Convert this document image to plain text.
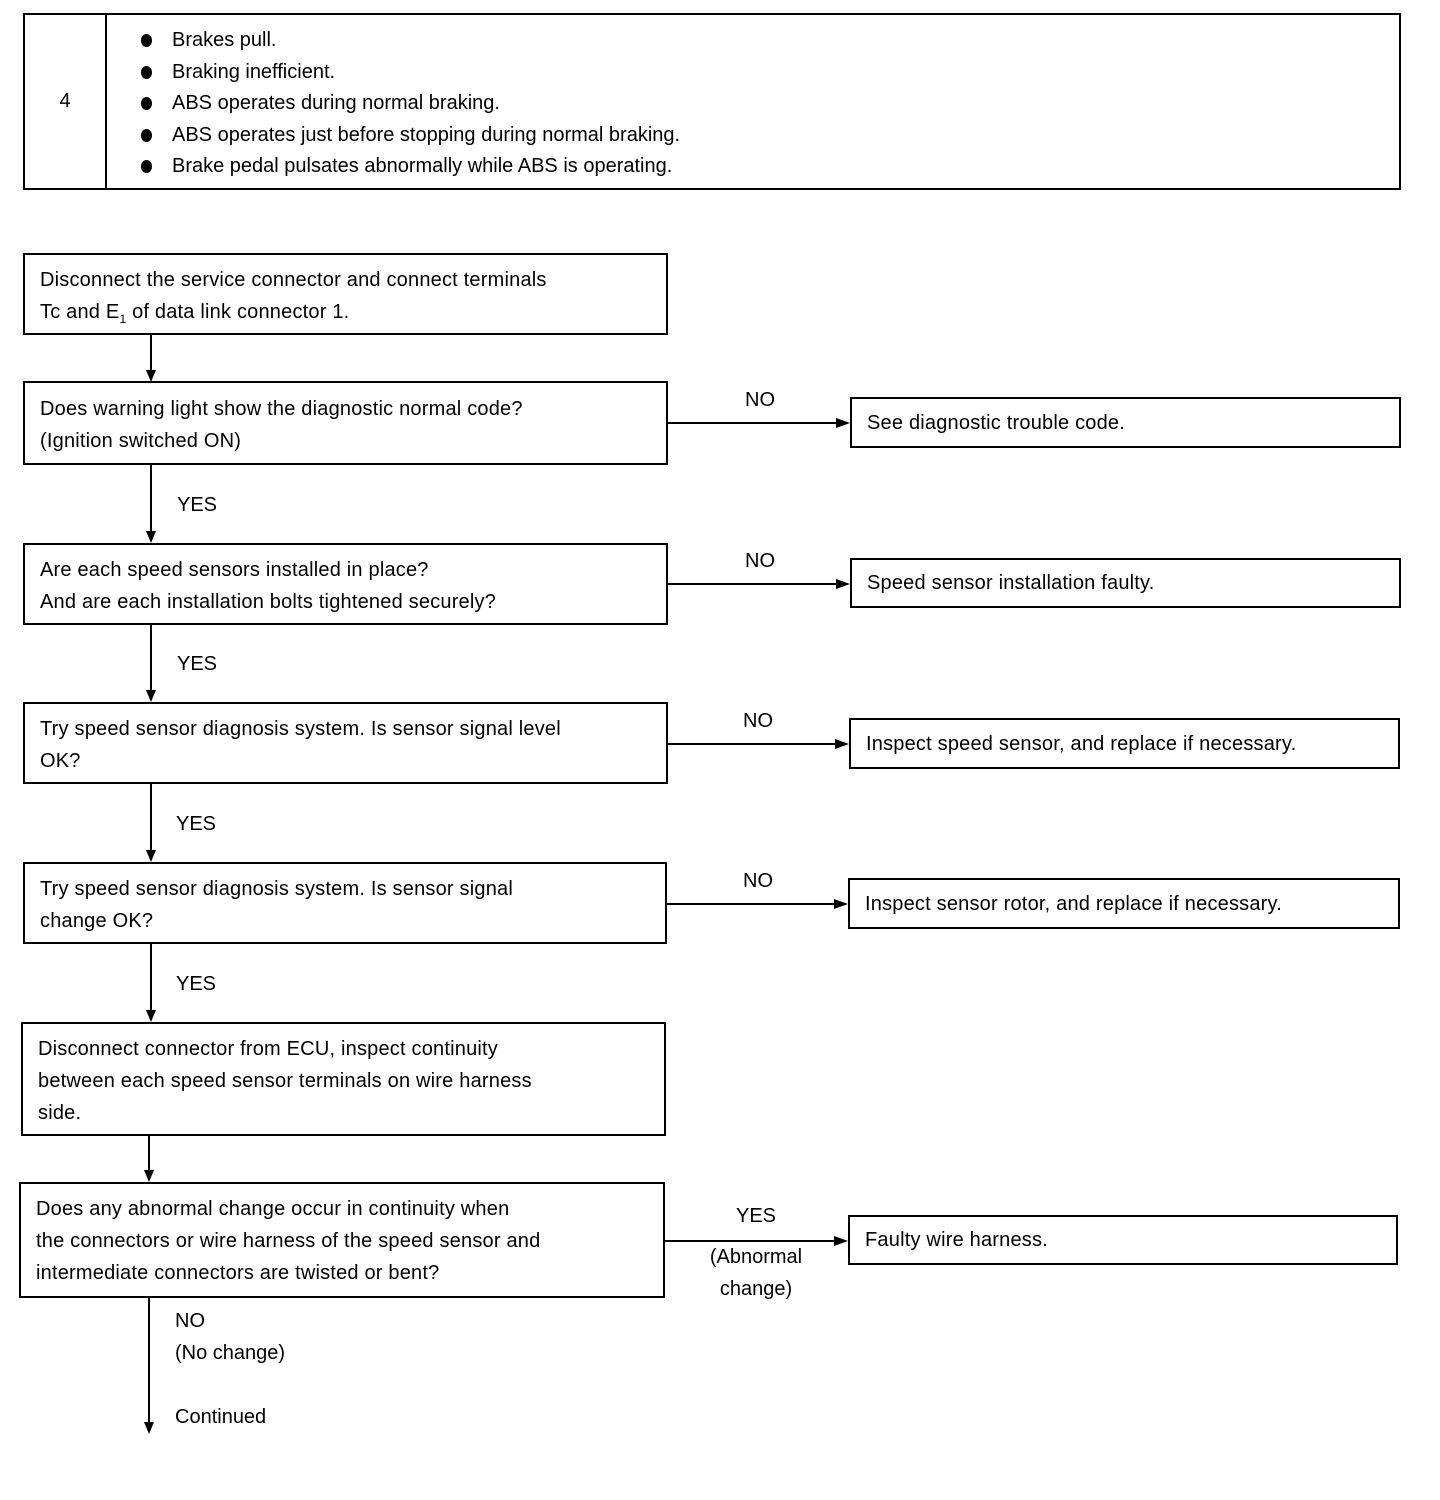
4
Brakes pull.
Braking inefficient.
ABS operates during normal braking.
ABS operates just before stopping during normal braking.
Brake pedal pulsates abnormally while ABS is operating.
Disconnect the service connector and connect terminals
Tc and $E_1$ of data link connector 1.
Does warning light show the diagnostic normal code?
(Ignition switched ON)
NO
See diagnostic trouble code.
YES
Are each speed sensors installed in place?
And are each installation bolts tightened securely?
NO
Speed sensor installation faulty.
YES
Try speed sensor diagnosis system. Is sensor signal level
OK?
NO
Inspect speed sensor, and replace if necessary.
YES
Try speed sensor diagnosis system. Is sensor signal
change OK?
NO
Inspect sensor rotor, and replace if necessary.
YES
Disconnect connector from ECU, inspect continuity
between each speed sensor terminals on wire harness
side.
Does any abnormal change occur in continuity when
the connectors or wire harness of the speed sensor and
intermediate connectors are twisted or bent?
YES
(Abnormal
change)
Faulty wire harness.
NO
(No change)
Continued
